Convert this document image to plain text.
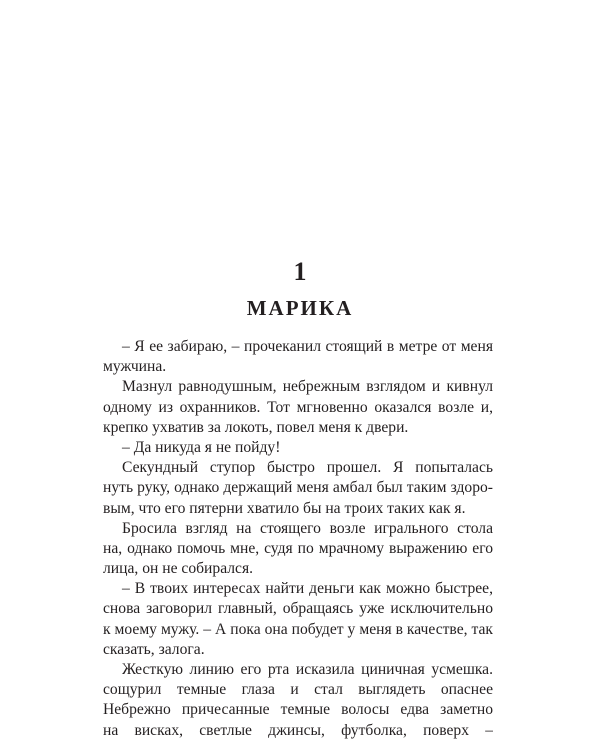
1
МАРИКА
– Я ее забираю, – прочеканил стоящий в метре от меня
мужчина.
Мазнул равнодушным, небрежным взглядом и кивнул
одному из охранников. Тот мгновенно оказался возле и,
крепко ухватив за локоть, повел меня к двери.
– Да никуда я не пойду!
Секундный ступор быстро прошел. Я попыталась
нуть руку, однако держащий меня амбал был таким здоро-
вым, что его пятерни хватило бы на троих таких как я.
Бросила взгляд на стоящего возле игрального стола
на, однако помочь мне, судя по мрачному выражению его
лица, он не собирался.
– В твоих интересах найти деньги как можно быстрее,
снова заговорил главный, обращаясь уже исключительно
к моему мужу. – А пока она побудет у меня в качестве, так
сказать, залога.
Жесткую линию его рта исказила циничная усмешка.
сощурил темные глаза и стал выглядеть опаснее
Небрежно причесанные темные волосы едва заметно
на висках, светлые джинсы, футболка, поверх –
